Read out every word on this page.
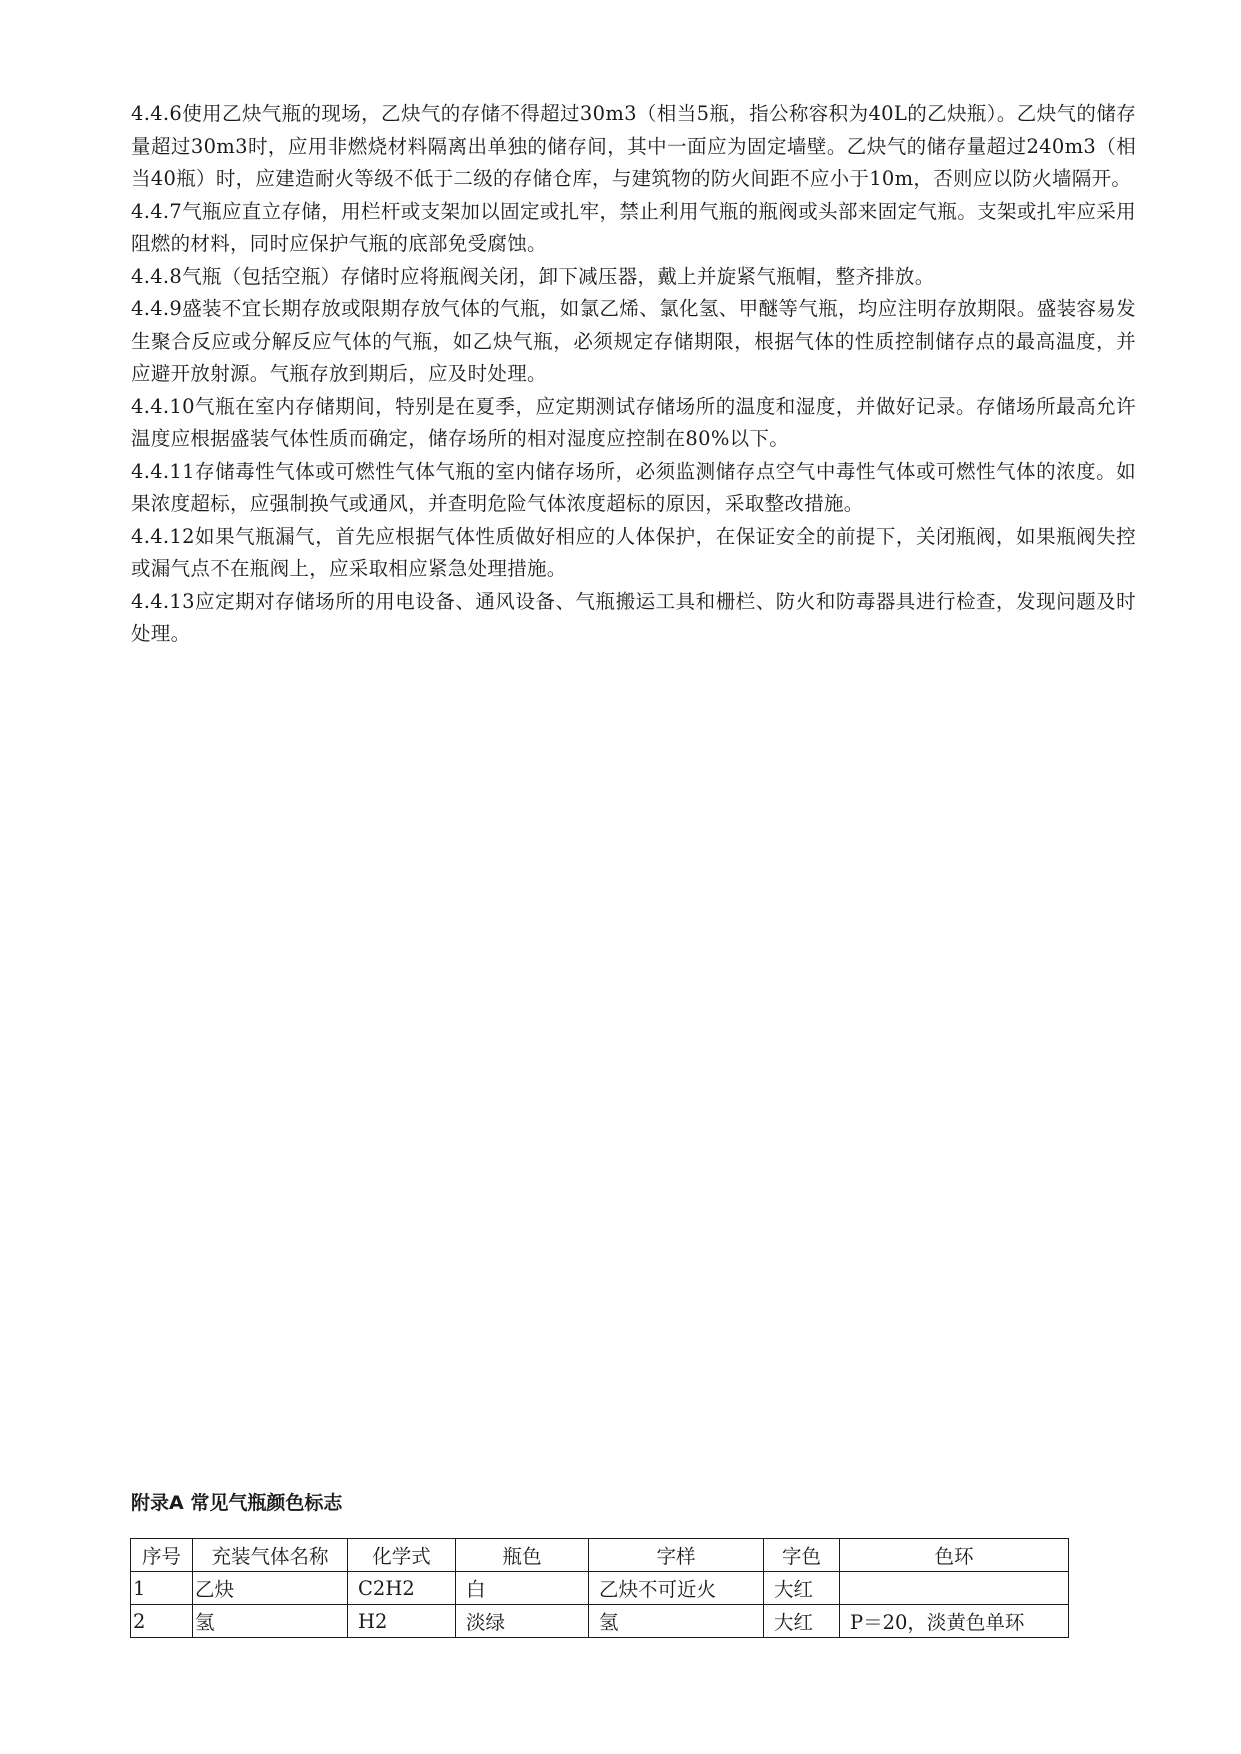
4.4.6使用乙炔气瓶的现场，乙炔气的存储不得超过30m3（相当5瓶，指公称容积为40L的乙炔瓶）。乙炔气的储存量超过30m3时，应用非燃烧材料隔离出单独的储存间，其中一面应为固定墙壁。乙炔气的储存量超过240m3（相当40瓶）时，应建造耐火等级不低于二级的存储仓库，与建筑物的防火间距不应小于10m，否则应以防火墙隔开。

4.4.7气瓶应直立存储，用栏杆或支架加以固定或扎牢，禁止利用气瓶的瓶阀或头部来固定气瓶。支架或扎牢应采用阻燃的材料，同时应保护气瓶的底部免受腐蚀。

4.4.8气瓶（包括空瓶）存储时应将瓶阀关闭，卸下减压器，戴上并旋紧气瓶帽，整齐排放。

4.4.9盛装不宜长期存放或限期存放气体的气瓶，如氯乙烯、氯化氢、甲醚等气瓶，均应注明存放期限。盛装容易发生聚合反应或分解反应气体的气瓶，如乙炔气瓶，必须规定存储期限，根据气体的性质控制储存点的最高温度，并应避开放射源。气瓶存放到期后，应及时处理。

4.4.10气瓶在室内存储期间，特别是在夏季，应定期测试存储场所的温度和湿度，并做好记录。存储场所最高允许温度应根据盛装气体性质而确定，储存场所的相对湿度应控制在80%以下。

4.4.11存储毒性气体或可燃性气体气瓶的室内储存场所，必须监测储存点空气中毒性气体或可燃性气体的浓度。如果浓度超标，应强制换气或通风，并查明危险气体浓度超标的原因，采取整改措施。

4.4.12如果气瓶漏气，首先应根据气体性质做好相应的人体保护，在保证安全的前提下，关闭瓶阀，如果瓶阀失控或漏气点不在瓶阀上，应采取相应紧急处理措施。

4.4.13应定期对存储场所的用电设备、通风设备、气瓶搬运工具和栅栏、防火和防毒器具进行检查，发现问题及时处理。

附录A 常见气瓶颜色标志
序号	充装气体名称	化学式	瓶色	字样	字色	色环
1	乙炔	C2H2	白	乙炔不可近火	大红	
2	氢	H2	淡绿	氢	大红	P＝20，淡黄色单环
